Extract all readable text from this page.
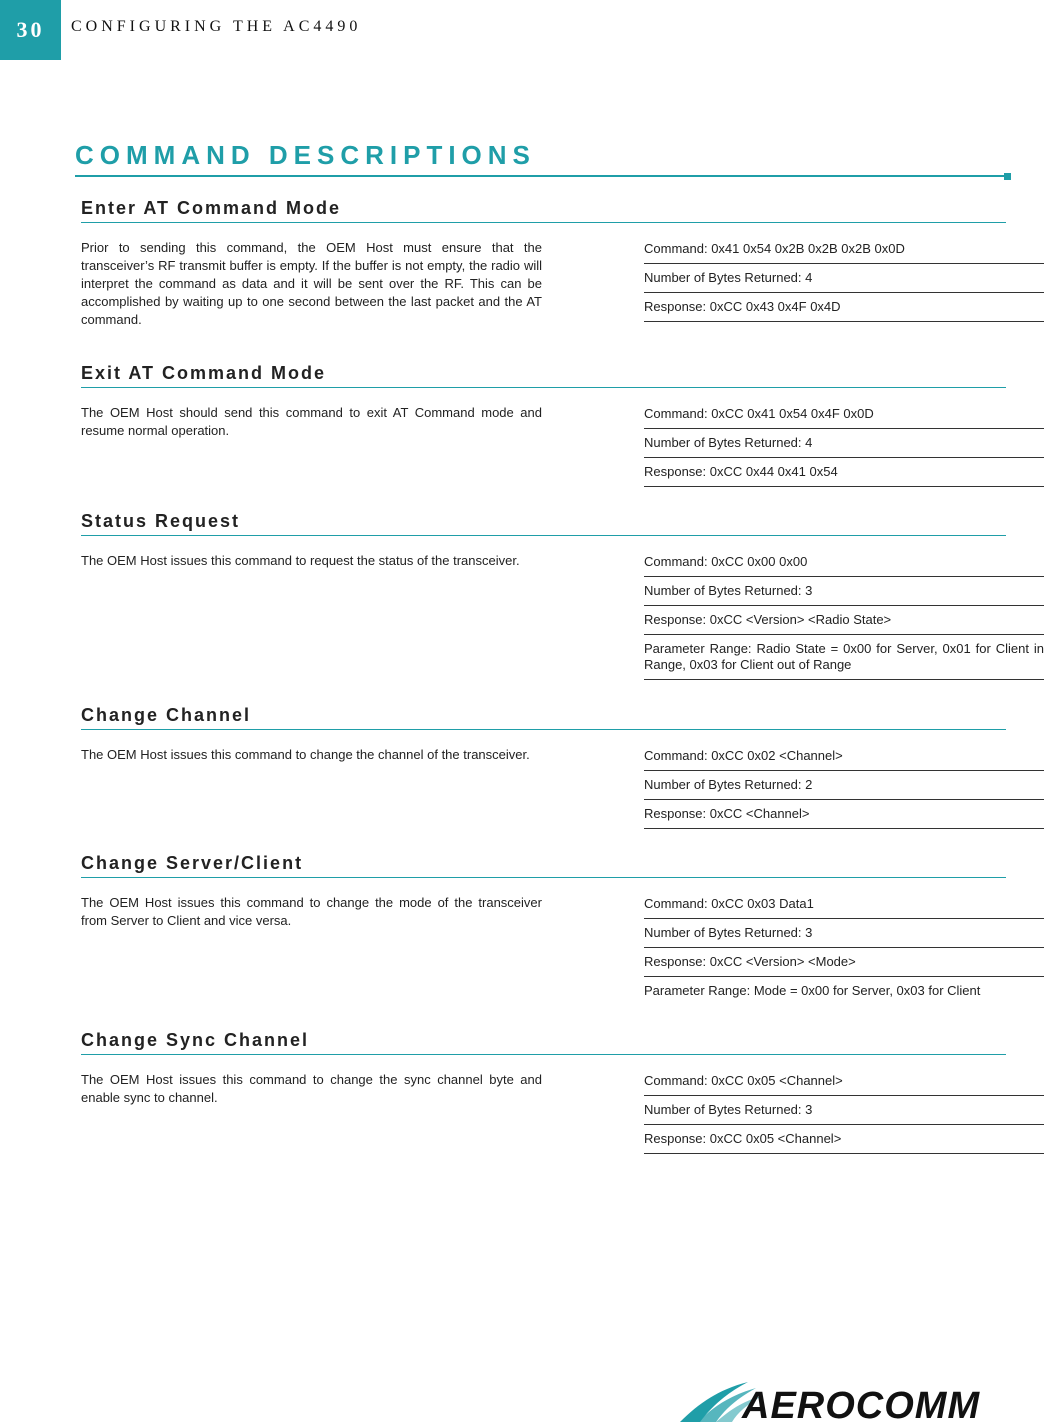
30	CONFIGURING THE AC4490
COMMAND DESCRIPTIONS
Enter AT Command Mode
Prior to sending this command, the OEM Host must ensure that the transceiver’s RF transmit buffer is empty. If the buffer is not empty, the radio will interpret the command as data and it will be sent over the RF. This can be accomplished by waiting up to one second between the last packet and the AT command.
Command: 0x41 0x54 0x2B 0x2B 0x2B 0x0D
Number of Bytes Returned: 4
Response: 0xCC 0x43 0x4F 0x4D
Exit AT Command Mode
The OEM Host should send this command to exit AT Command mode and resume normal operation.
Command: 0xCC 0x41 0x54 0x4F 0x0D
Number of Bytes Returned: 4
Response: 0xCC 0x44 0x41 0x54
Status Request
The OEM Host issues this command to request the status of the transceiver.	Command: 0xCC 0x00 0x00
Number of Bytes Returned: 3
Response: 0xCC <Version> <Radio State>
Parameter Range: Radio State = 0x00 for Server, 0x01 for Client in Range, 0x03 for Client out of Range
Change Channel
The OEM Host issues this command to change the channel of the transceiver.	Command: 0xCC 0x02 <Channel>
Number of Bytes Returned: 2
Response: 0xCC <Channel>
Change Server/Client
The OEM Host issues this command to change the mode of the transceiver from Server to Client and vice versa.
Command: 0xCC 0x03 Data1
Number of Bytes Returned: 3
Response: 0xCC <Version> <Mode>
Parameter Range: Mode = 0x00 for Server, 0x03 for Client
Change Sync Channel
The OEM Host issues this command to change the sync channel byte and enable sync to channel.
Command: 0xCC 0x05 <Channel>
Number of Bytes Returned: 3
Response: 0xCC 0x05 <Channel>
AEROCOMM
